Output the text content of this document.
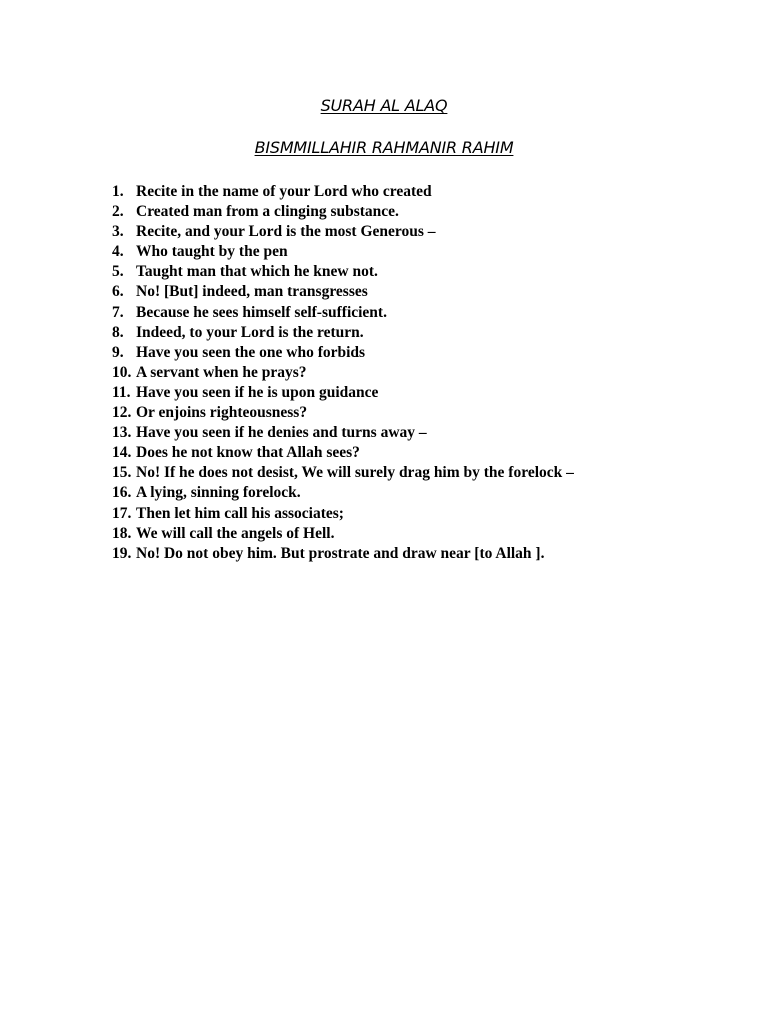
SURAH AL ALAQ
BISMMILLAHIR RAHMANIR RAHIM
1. Recite in the name of your Lord who created
2. Created man from a clinging substance.
3. Recite, and your Lord is the most Generous –
4. Who taught by the pen
5. Taught man that which he knew not.
6. No! [But] indeed, man transgresses
7. Because he sees himself self-sufficient.
8. Indeed, to your Lord is the return.
9. Have you seen the one who forbids
10. A servant when he prays?
11. Have you seen if he is upon guidance
12. Or enjoins righteousness?
13. Have you seen if he denies and turns away –
14. Does he not know that Allah sees?
15. No! If he does not desist, We will surely drag him by the forelock –
16. A lying, sinning forelock.
17. Then let him call his associates;
18. We will call the angels of Hell.
19. No! Do not obey him. But prostrate and draw near [to Allah ].
